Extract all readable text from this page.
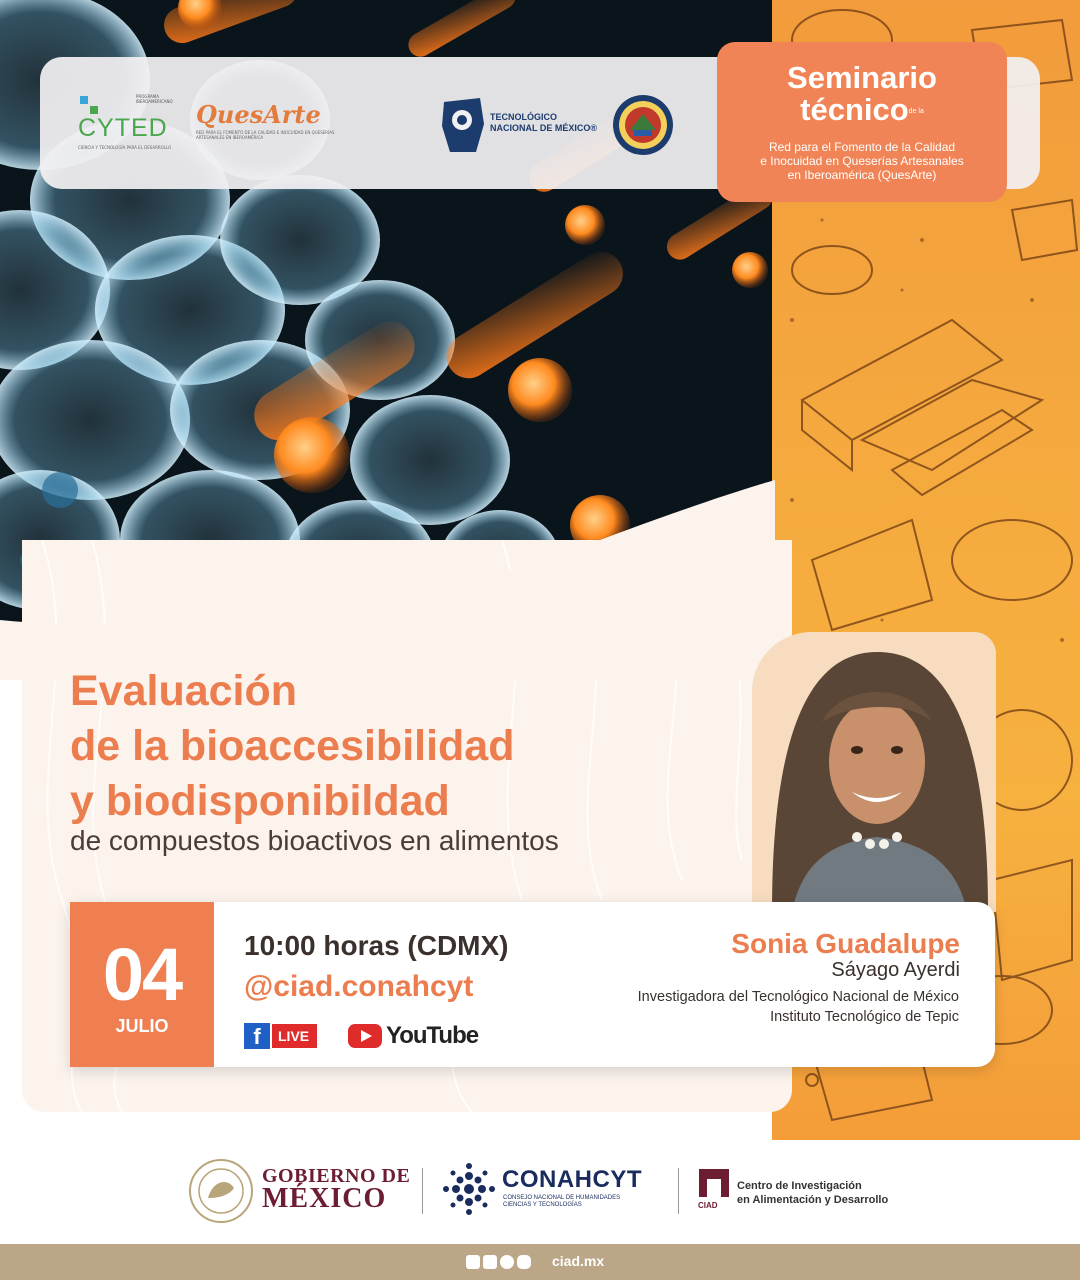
PROGRAMA IBEROAMERICANO
CYTED
CIENCIA Y TECNOLOGÍA PARA EL DESARROLLO
QuesArte
RED PARA EL FOMENTO DE LA CALIDAD E INOCUIDAD EN QUESERÍAS ARTESANALES EN IBEROAMÉRICA
TECNOLÓGICO
NACIONAL DE MÉXICO®
Seminario
técnicode la
Red para el Fomento de la Calidad
e Inocuidad en Queserías Artesanales
en Iberoamérica (QuesArte)
Evaluación
de la bioaccesibilidad
y biodisponibildad
de compuestos bioactivos en alimentos
04
JULIO
10:00 horas (CDMX)
@ciad.conahcyt
f	LIVE	YouTube
Sonia Guadalupe
Sáyago Ayerdi
Investigadora del Tecnológico Nacional de México
Instituto Tecnológico de Tepic
GOBIERNO DE
MÉXICO
CONAHCYT
CONSEJO NACIONAL DE HUMANIDADES
CIENCIAS Y TECNOLOGÍAS	CIAD
Centro de Investigación
en Alimentación y Desarrollo
ciad.mx
